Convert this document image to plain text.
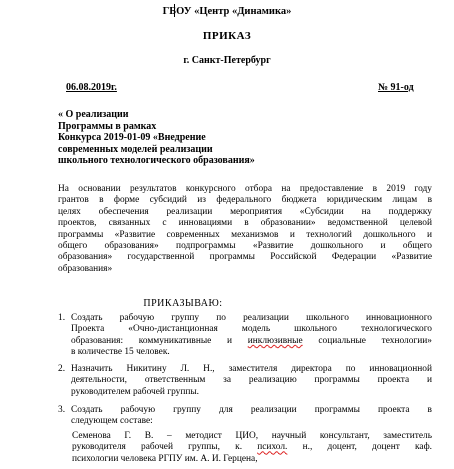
ГБОУ «Центр «Динамика»
ПРИКАЗ
г. Санкт-Петербург
06.08.2019г.	№ 91-од
« О реализации
Программы в рамках
Конкурса 2019-01-09 «Внедрение
современных моделей реализации
школьного технологического образования»
На основании результатов конкурсного отбора на предоставление в 2019 году
грантов в форме субсидий из федерального бюджета юридическим лицам в
целях обеспечения реализации мероприятия «Субсидии на поддержку
проектов, связанных с инновациями в образовании» ведомственной целевой
программы «Развитие современных механизмов и технологий дошкольного и
общего образования» подпрограммы «Развитие дошкольного и общего
образования» государственной программы Российской Федерации «Развитие
образования»
ПРИКАЗЫВАЮ:
1. Создать рабочую группу по реализации школьного инновационного
Проекта «Очно-дистанционная модель школьного технологического
образования: коммуникативные и инклюзивные социальные технологии»
в количестве 15 человек.
2. Назначить Никитину Л. Н., заместителя директора по инновационной
деятельности, ответственным за реализацию программы проекта и
руководителем рабочей группы.
3. Создать рабочую группу для реализации программы проекта в
следующем составе:
Семенова Г. В. – методист ЦИО, научный консультант, заместитель
руководителя рабочей группы, к. психол. н., доцент, доцент каф.
психологии человека РГПУ им. А. И. Герцена,
